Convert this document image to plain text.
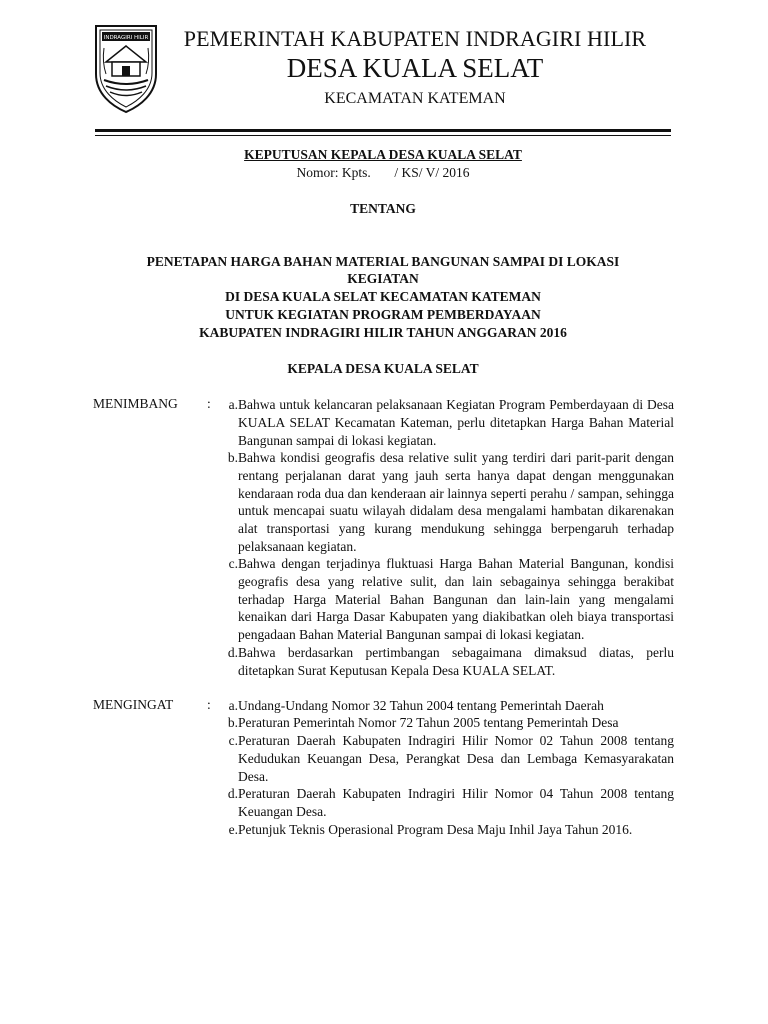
INDRAGIRI HILIR	PEMERINTAH KABUPATEN INDRAGIRI HILIR
DESA KUALA SELAT
KECAMATAN KATEMAN
KEPUTUSAN KEPALA DESA KUALA SELAT
Nomor: Kpts.       / KS/ V/ 2016
TENTANG
PENETAPAN HARGA BAHAN MATERIAL BANGUNAN SAMPAI DI LOKASI
KEGIATAN
DI DESA KUALA SELAT KECAMATAN KATEMAN
UNTUK KEGIATAN PROGRAM PEMBERDAYAAN
KABUPATEN INDRAGIRI HILIR TAHUN ANGGARAN 2016
KEPALA DESA KUALA SELAT
MENIMBANG :	a. Bahwa untuk kelancaran pelaksanaan Kegiatan Program Pemberdayaan di Desa KUALA SELAT Kecamatan Kateman, perlu ditetapkan Harga Bahan Material Bangunan sampai di lokasi kegiatan.
b. Bahwa kondisi geografis desa relative sulit yang terdiri dari parit-parit dengan rentang perjalanan darat yang jauh serta hanya dapat dengan menggunakan kendaraan roda dua dan kenderaan air lainnya seperti perahu / sampan, sehingga untuk mencapai suatu wilayah didalam desa mengalami hambatan dikarenakan alat transportasi yang kurang mendukung sehingga berpengaruh terhadap pelaksanaan kegiatan.
c. Bahwa dengan terjadinya fluktuasi Harga Bahan Material Bangunan, kondisi geografis desa yang relative sulit, dan lain sebagainya sehingga berakibat terhadap Harga Material Bahan Bangunan dan lain-lain yang mengalami kenaikan dari Harga Dasar Kabupaten yang diakibatkan oleh biaya transportasi pengadaan Bahan Material Bangunan sampai di lokasi kegiatan.
d. Bahwa berdasarkan pertimbangan sebagaimana dimaksud diatas, perlu ditetapkan Surat Keputusan Kepala Desa KUALA SELAT.
MENGINGAT	:	a. Undang-Undang Nomor 32 Tahun 2004 tentang Pemerintah Daerah
b. Peraturan Pemerintah Nomor 72 Tahun 2005 tentang Pemerintah Desa
c. Peraturan Daerah Kabupaten Indragiri Hilir Nomor 02 Tahun 2008 tentang Kedudukan Keuangan Desa, Perangkat Desa dan Lembaga Kemasyarakatan Desa.
d. Peraturan Daerah Kabupaten Indragiri Hilir Nomor 04 Tahun 2008 tentang Keuangan Desa.
e. Petunjuk Teknis Operasional Program Desa Maju Inhil Jaya Tahun 2016.
